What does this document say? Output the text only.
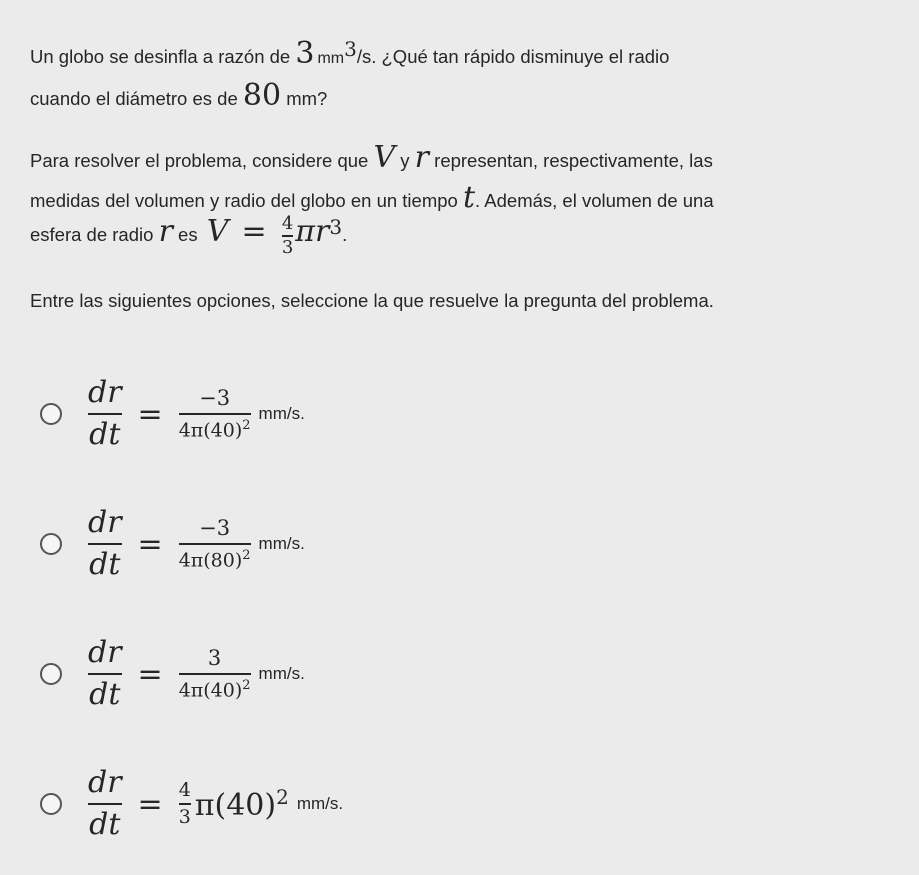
Un globo se desinfla a razón de 3 $mm^3/s$. ¿Qué tan rápido disminuye el radio
cuando el diámetro es de 80 mm?
Para resolver el problema, considere que V y r representan, respectivamente, las
medidas del volumen y radio del globo en un tiempo t. Además, el volumen de una
esfera de radio r es $V = \frac{4}{3} \pi r^3$.
Entre las siguientes opciones, seleccione la que resuelve la pregunta del problema.
dr
dt
= −3
$4\pi(40)^2$
mm/s.
dr
dt
= −3
$4\pi(80)^2$
mm/s.
dr
dt
= 3
$4\pi(40)^2$
mm/s.
dr
dt
= $\frac{4}{3} \pi(40)^2$ mm/s.
